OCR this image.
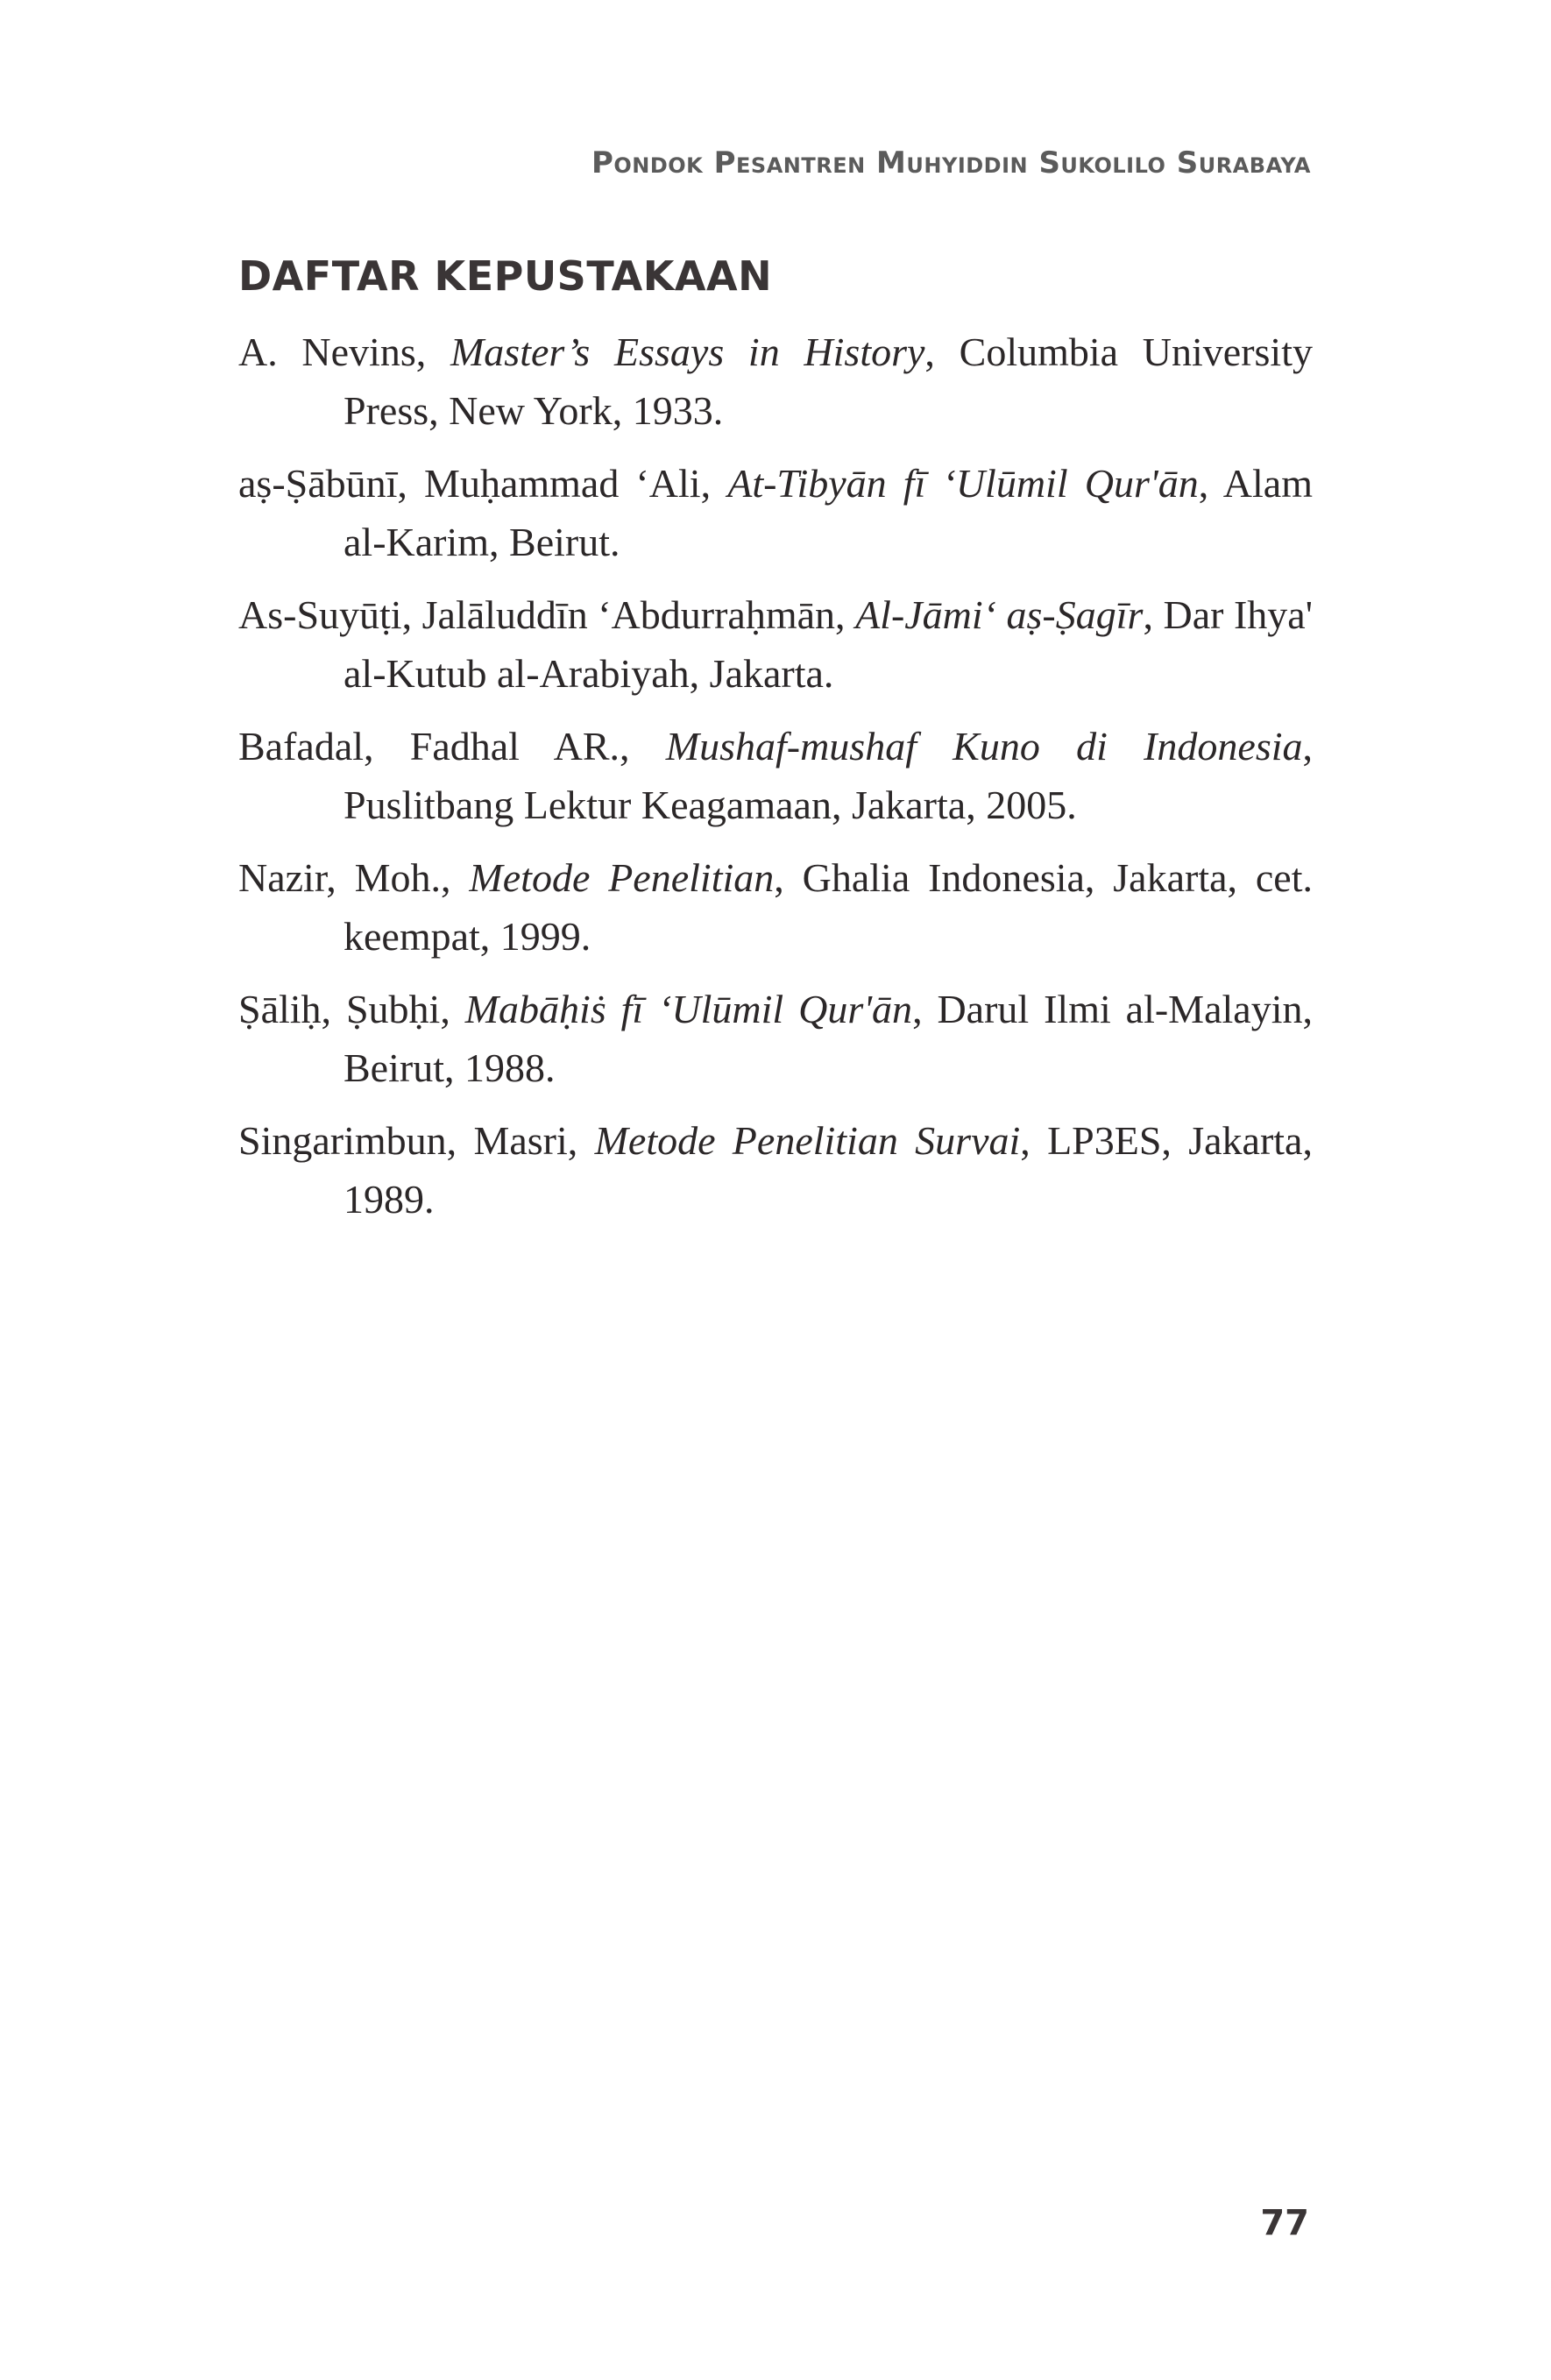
Pondok Pesantren Muhyiddin Sukolilo Surabaya
DAFTAR KEPUSTAKAAN
A. Nevins, Master’s Essays in History, Columbia University Press, New York, 1933.
aṣ-Ṣābūnī, Muḥammad ‘Ali, At-Tibyān fī ‘Ulūmil Qur'ān, Alam al-Karim, Beirut.
As-Suyūṭi, Jalāluddīn ‘Abdurraḥmān, Al-Jāmi‘ aṣ-Ṣagīr, Dar Ihya' al-Kutub al-Arabiyah, Jakarta.
Bafadal, Fadhal AR., Mushaf-mushaf Kuno di Indonesia, Puslitbang Lektur Keagamaan, Jakarta, 2005.
Nazir, Moh., Metode Penelitian, Ghalia Indonesia, Jakarta, cet. keempat, 1999.
Ṣāliḥ, Ṣubḥi, Mabāḥiṡ fī ‘Ulūmil Qur'ān, Darul Ilmi al-Malayin, Beirut, 1988.
Singarimbun, Masri, Metode Penelitian Survai, LP3ES, Jakarta, 1989.
77
